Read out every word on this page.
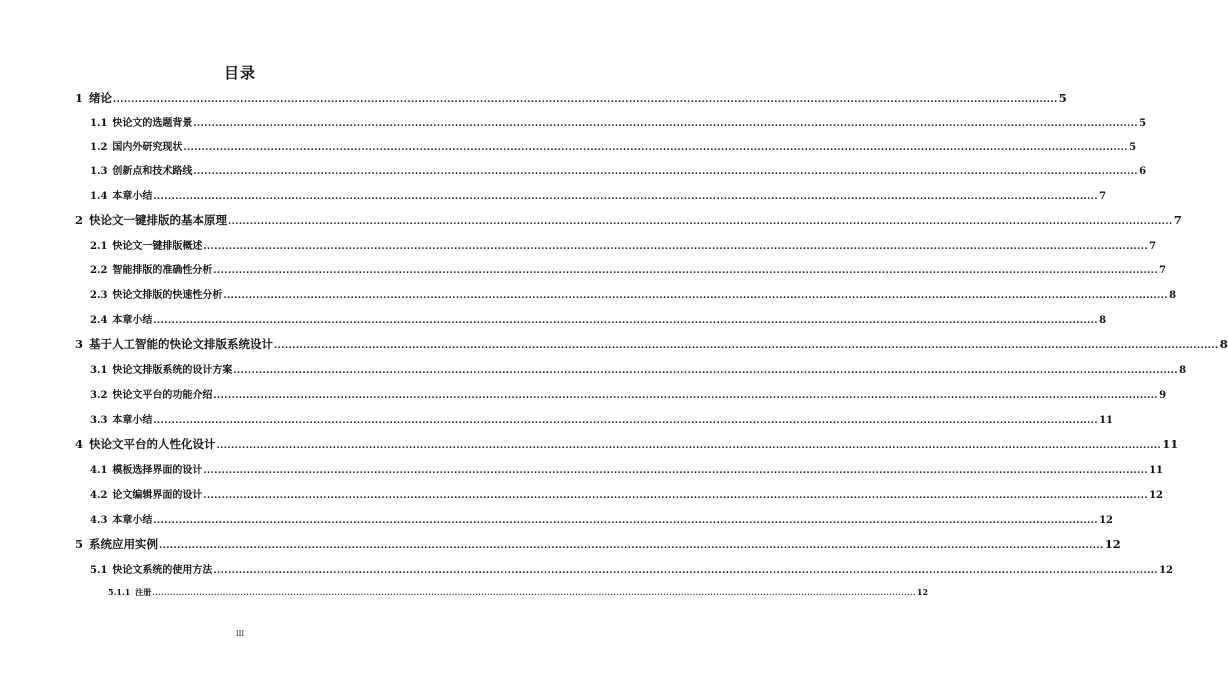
目录
1 绪论 .................................................................................................................................................................................................................................................................... 5
1.1 快论文的选题背景 .................................................................................................................................................................................................................................................................... 5
1.2 国内外研究现状 .................................................................................................................................................................................................................................................................... 5
1.3 创新点和技术路线 .................................................................................................................................................................................................................................................................... 6
1.4 本章小结 .................................................................................................................................................................................................................................................................... 7
2 快论文一键排版的基本原理 .................................................................................................................................................................................................................................................................... 7
2.1 快论文一键排版概述 .................................................................................................................................................................................................................................................................... 7
2.2 智能排版的准确性分析 .................................................................................................................................................................................................................................................................... 7
2.3 快论文排版的快速性分析 .................................................................................................................................................................................................................................................................... 8
2.4 本章小结 .................................................................................................................................................................................................................................................................... 8
3 基于人工智能的快论文排版系统设计 .................................................................................................................................................................................................................................................................... 8
3.1 快论文排版系统的设计方案 .................................................................................................................................................................................................................................................................... 8
3.2 快论文平台的功能介绍 .................................................................................................................................................................................................................................................................... 9
3.3 本章小结 .................................................................................................................................................................................................................................................................... 11
4 快论文平台的人性化设计 .................................................................................................................................................................................................................................................................... 11
4.1 模板选择界面的设计 .................................................................................................................................................................................................................................................................... 11
4.2 论文编辑界面的设计 .................................................................................................................................................................................................................................................................... 12
4.3 本章小结 .................................................................................................................................................................................................................................................................... 12
5 系统应用实例 .................................................................................................................................................................................................................................................................... 12
5.1 快论文系统的使用方法 .................................................................................................................................................................................................................................................................... 12
5.1.1 注册 .................................................................................................................................................................................................................................................................... 12
III
